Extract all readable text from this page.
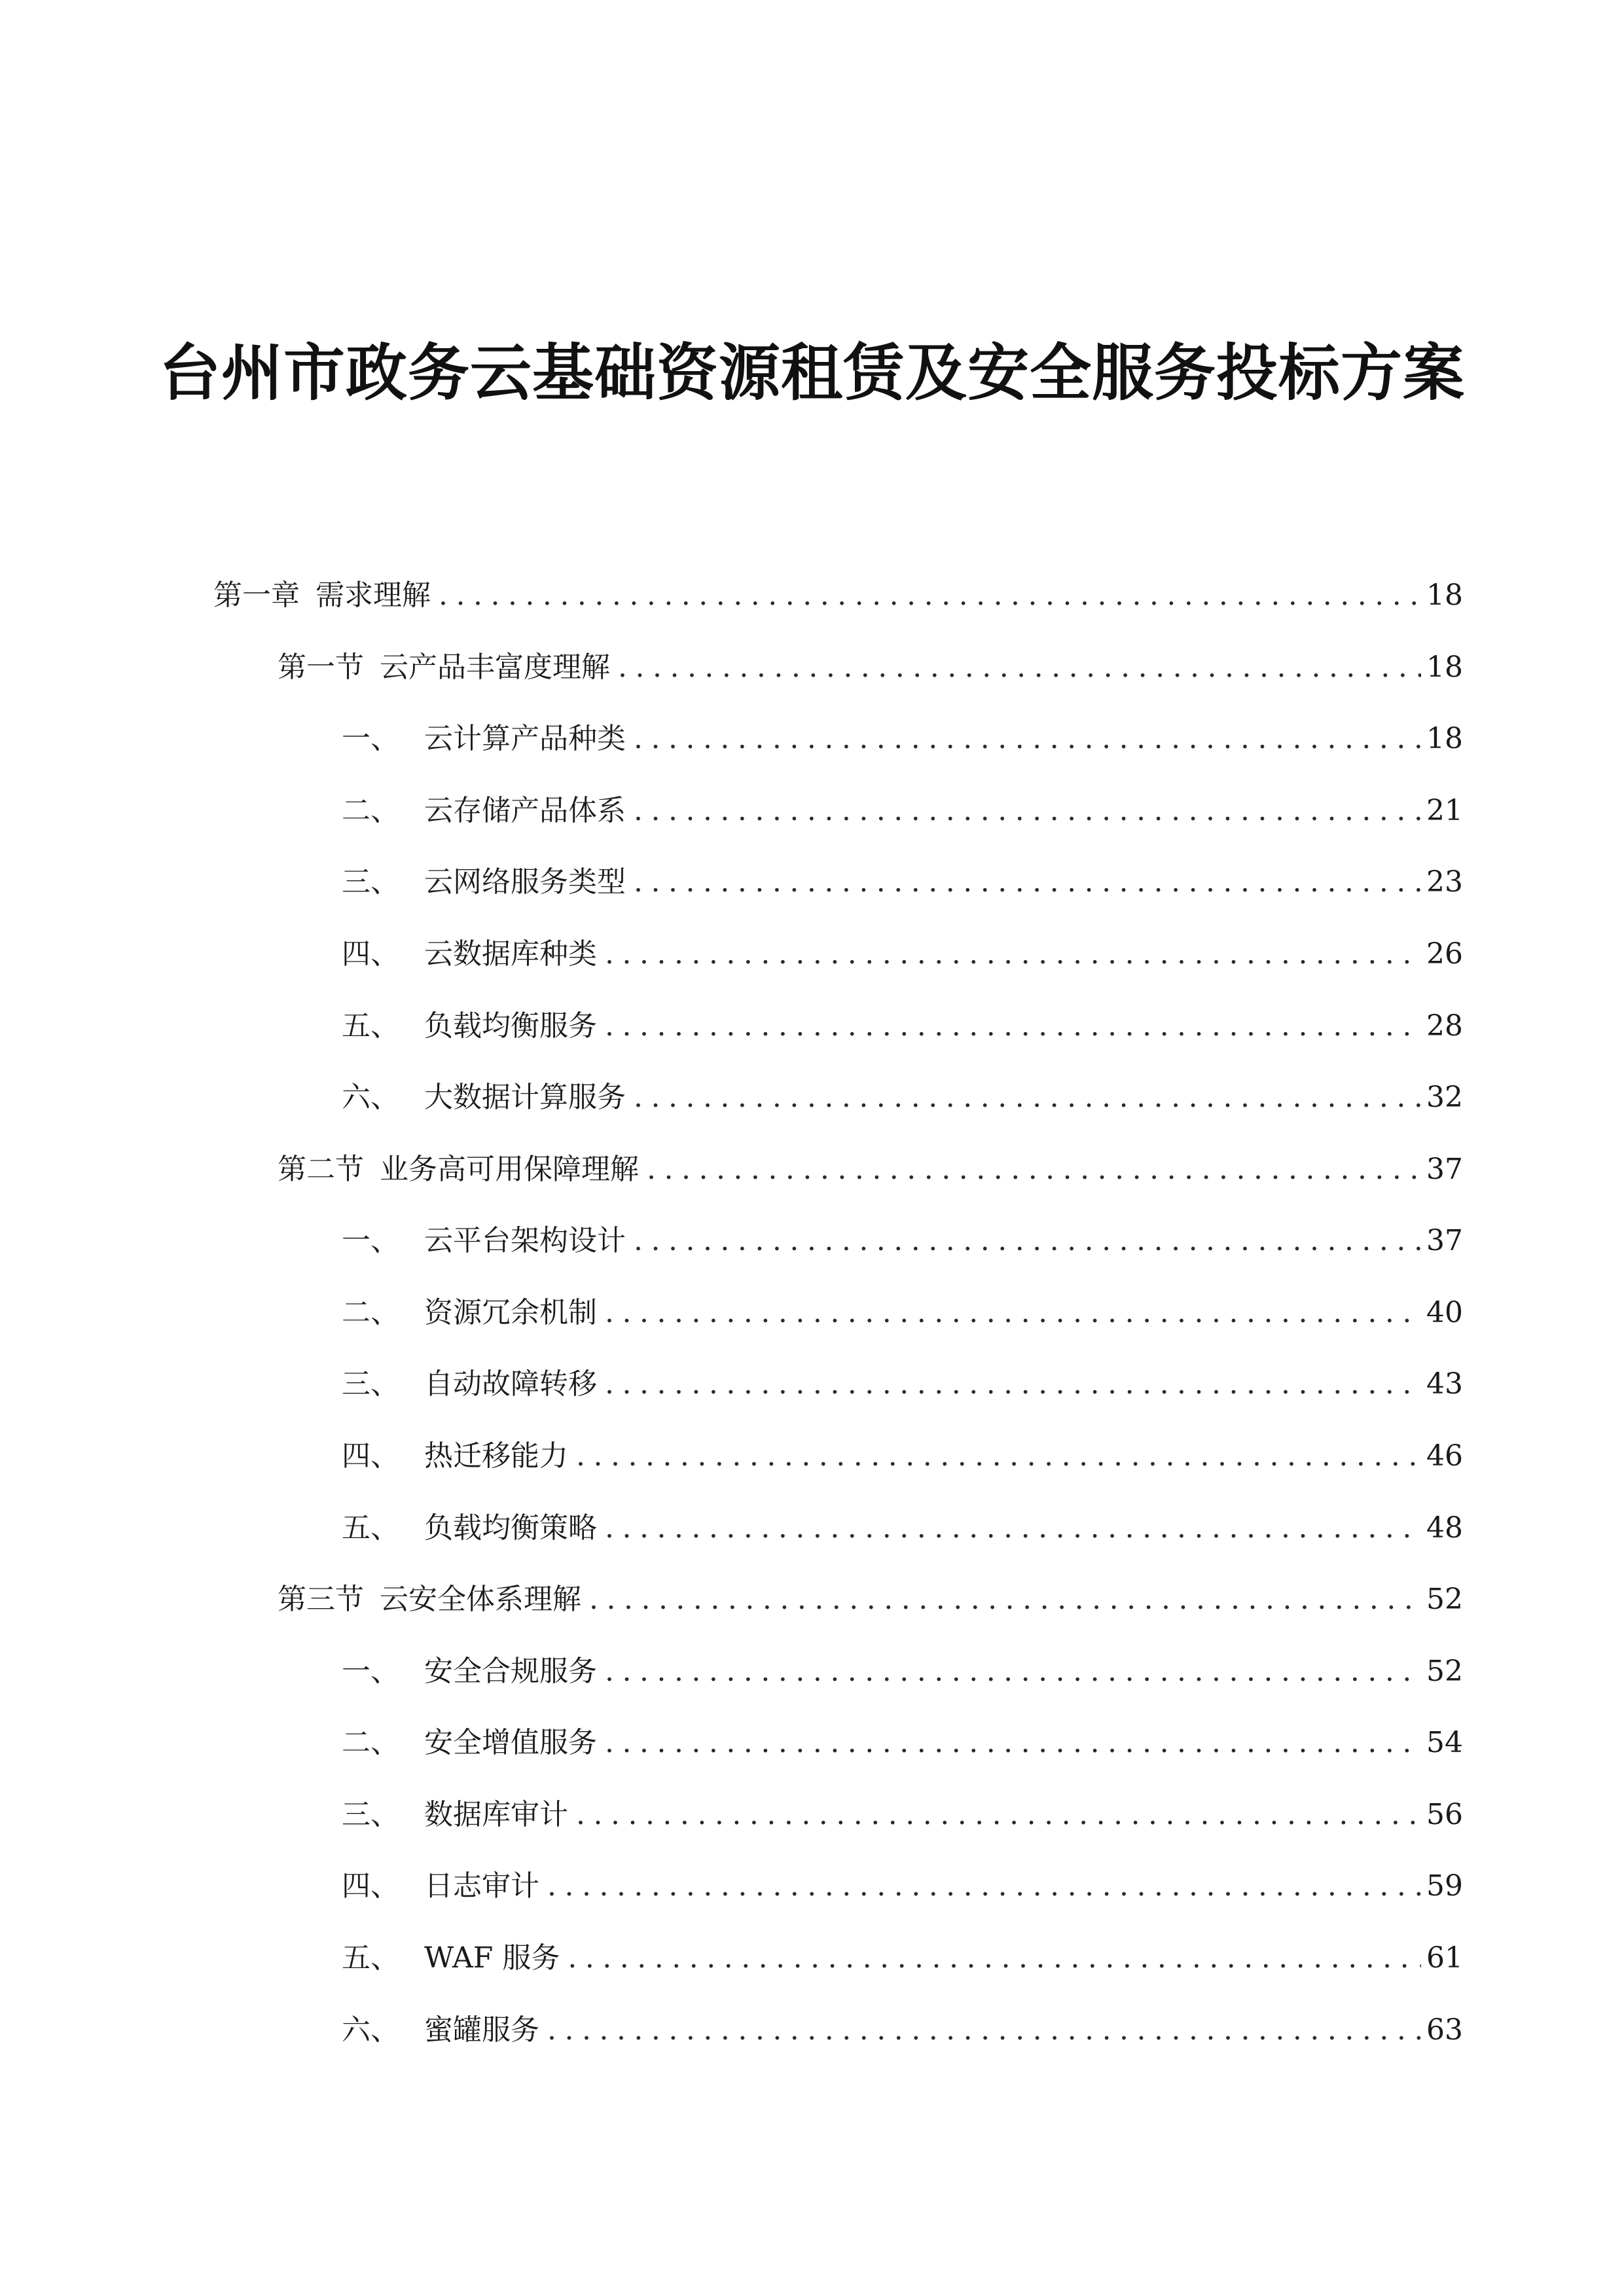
台州市政务云基础资源租赁及安全服务投标方案
第一章 需求理解 .....	18
第一节 云产品丰富度理解 .....	18
一、 云计算产品种类 .....	18
二、 云存储产品体系 .....	21
三、 云网络服务类型 .....	23
四、 云数据库种类 .....	26
五、 负载均衡服务 .....	28
六、 大数据计算服务 .....	32
第二节 业务高可用保障理解 .....	37
一、 云平台架构设计 .....	37
二、 资源冗余机制 .....	40
三、 自动故障转移 .....	43
四、 热迁移能力 .....	46
五、 负载均衡策略 .....	48
第三节 云安全体系理解 .....	52
一、 安全合规服务 .....	52
二、 安全增值服务 .....	54
三、 数据库审计 .....	56
四、 日志审计 .....	59
五、 WAF 服务 .....	61
六、 蜜罐服务 .....	63
